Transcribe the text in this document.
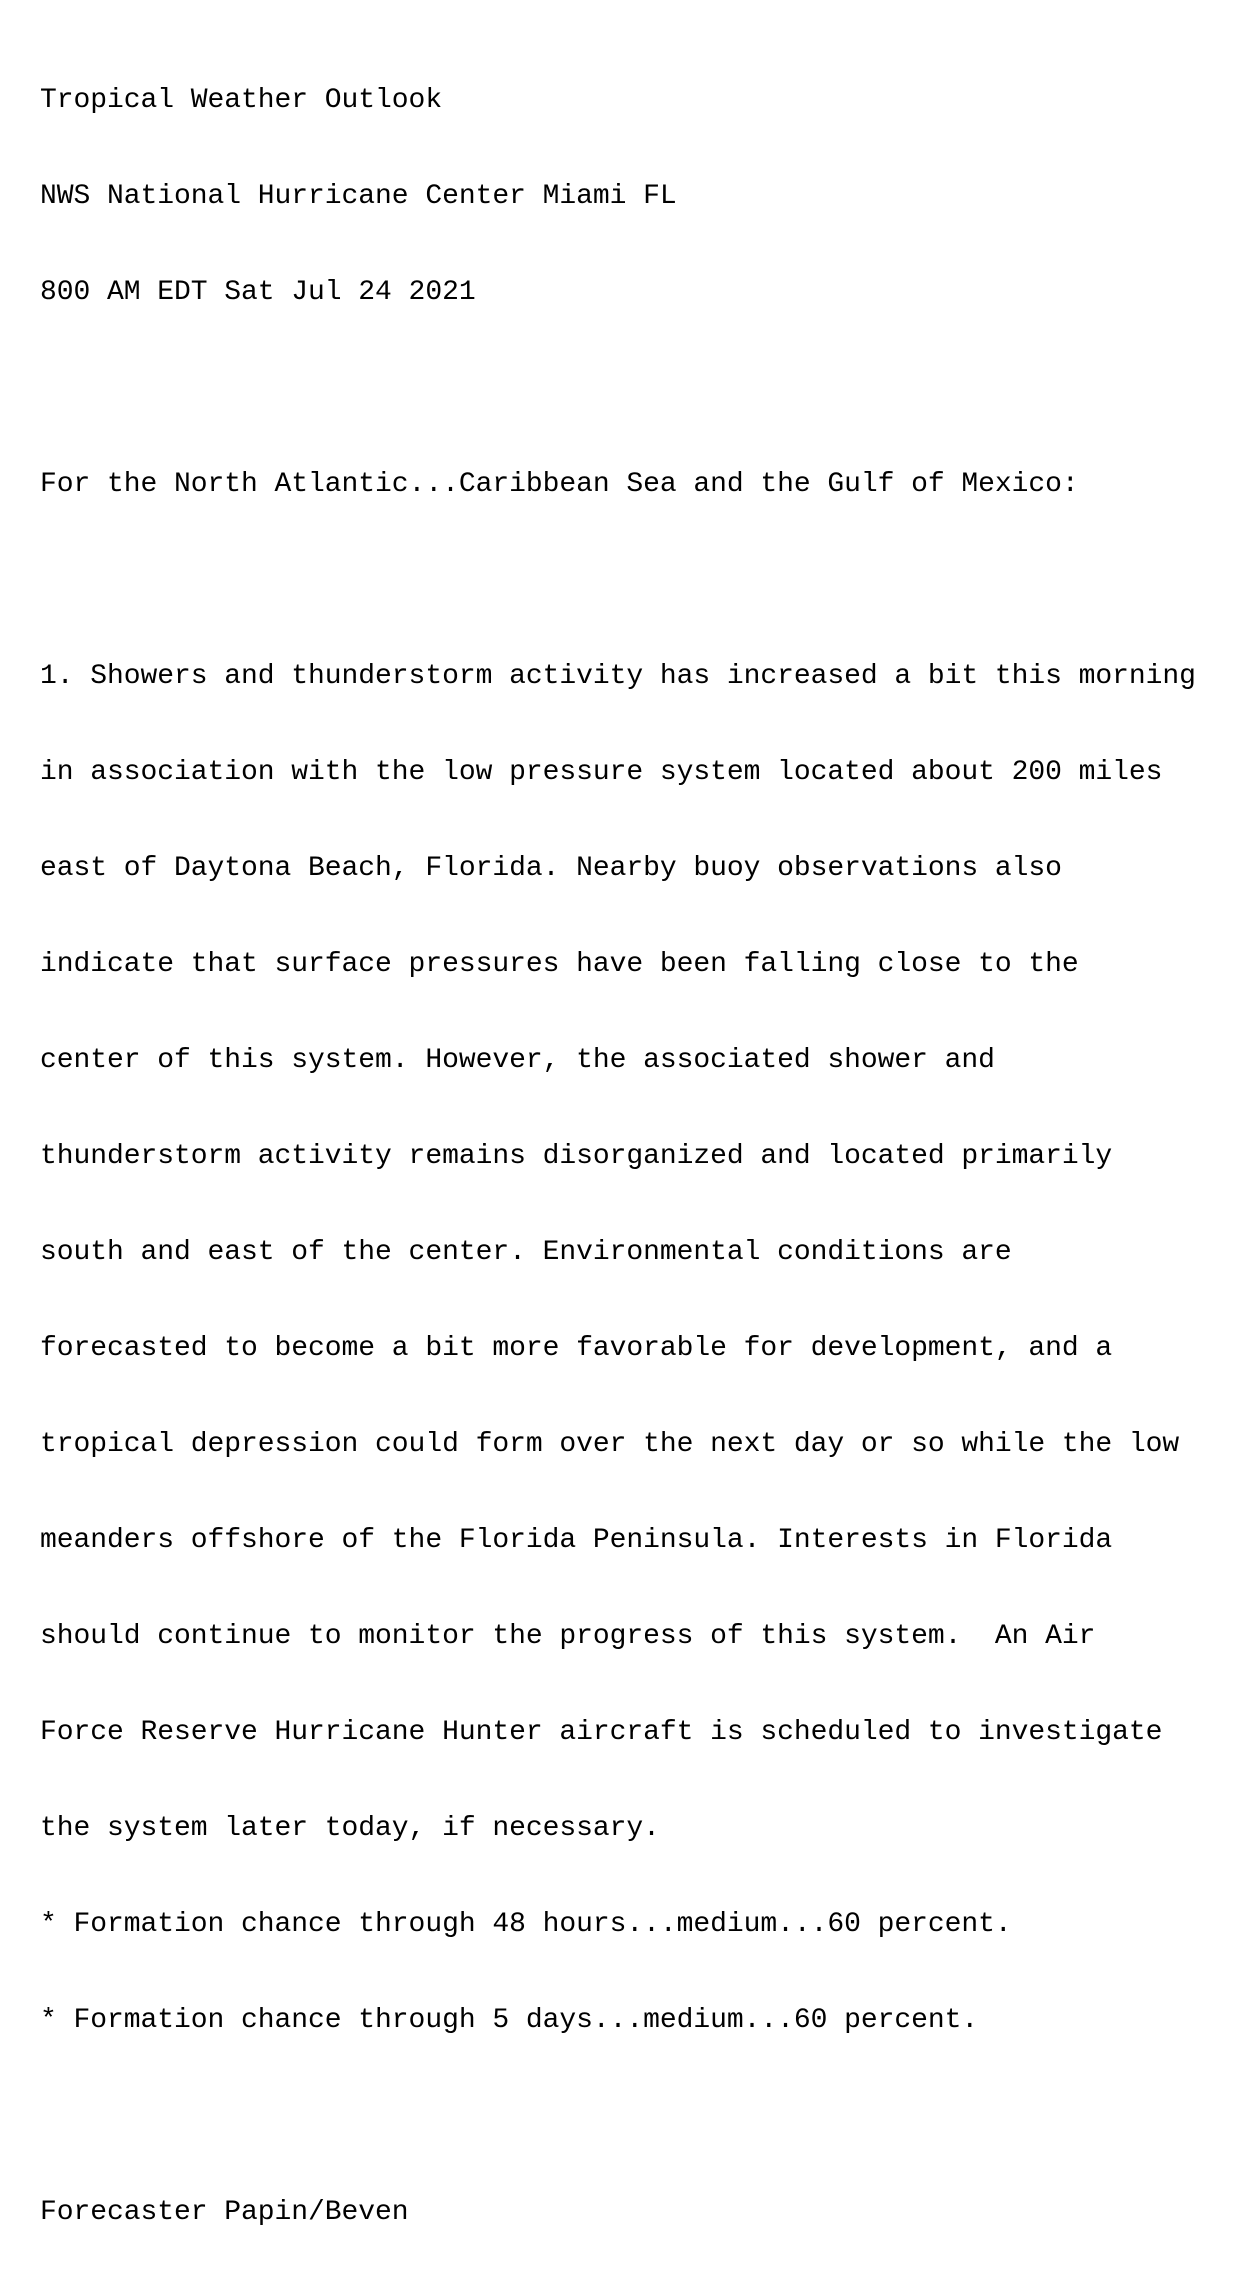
Tropical Weather Outlook

NWS National Hurricane Center Miami FL

800 AM EDT Sat Jul 24 2021

For the North Atlantic...Caribbean Sea and the Gulf of Mexico:

1. Showers and thunderstorm activity has increased a bit this morning

in association with the low pressure system located about 200 miles

east of Daytona Beach, Florida. Nearby buoy observations also

indicate that surface pressures have been falling close to the

center of this system. However, the associated shower and

thunderstorm activity remains disorganized and located primarily

south and east of the center. Environmental conditions are

forecasted to become a bit more favorable for development, and a

tropical depression could form over the next day or so while the low

meanders offshore of the Florida Peninsula. Interests in Florida

should continue to monitor the progress of this system.  An Air

Force Reserve Hurricane Hunter aircraft is scheduled to investigate

the system later today, if necessary.

* Formation chance through 48 hours...medium...60 percent.

* Formation chance through 5 days...medium...60 percent.

Forecaster Papin/Beven
